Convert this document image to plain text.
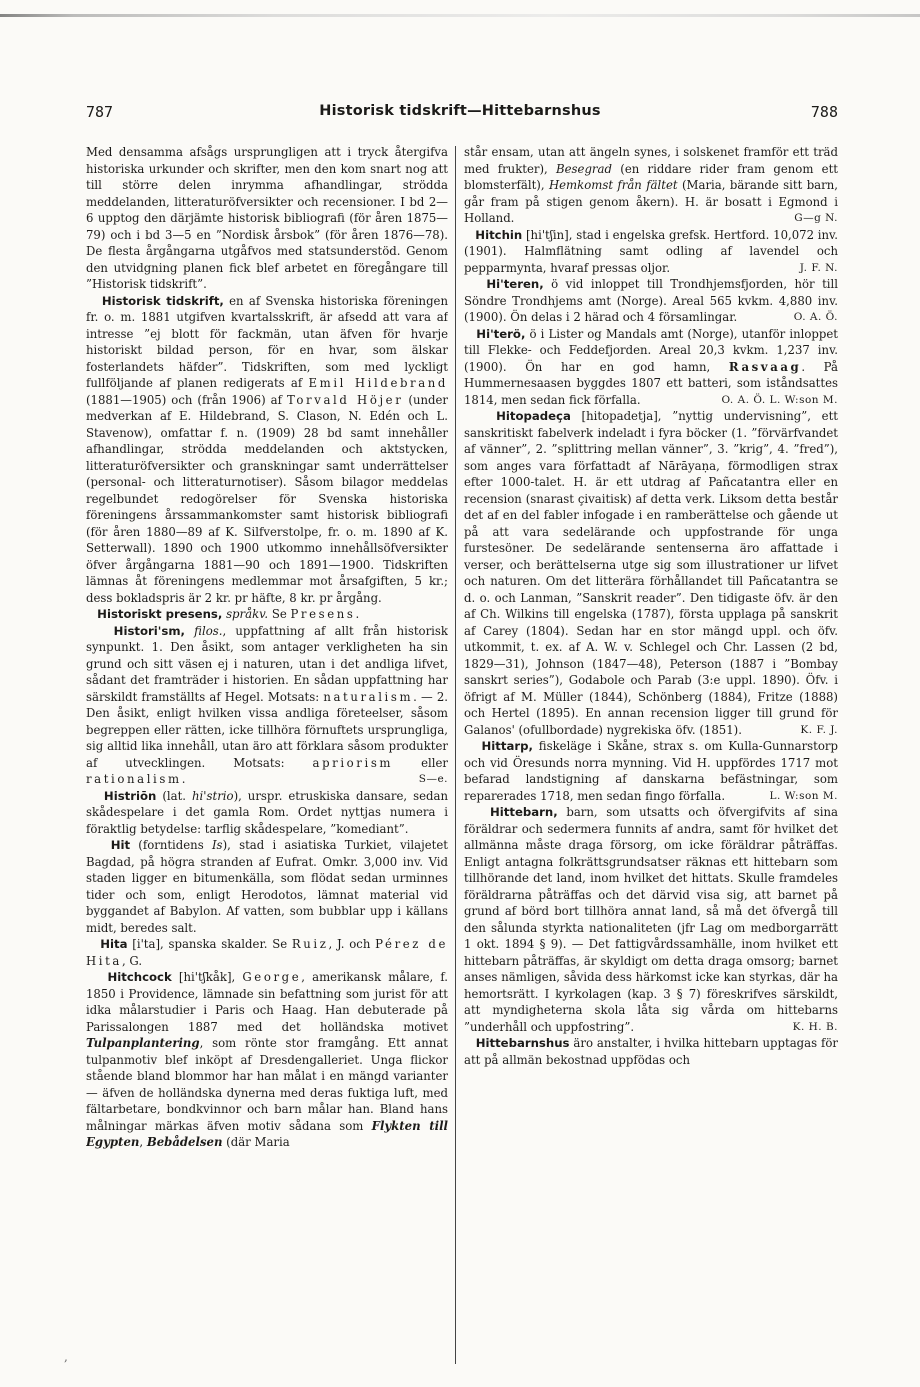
787	Historisk tidskrift—Hittebarnshus	788

Med densamma afsågs ursprungligen att i tryck återgifva historiska urkunder och skrifter, men den kom snart nog att till större delen inrymma afhandlingar, strödda meddelanden, litteraturöfversikter och recensioner. I bd 2—6 upptog den därjämte historisk bibliografi (för åren 1875—79) och i bd 3—5 en ”Nordisk årsbok” (för åren 1876—78). De flesta årgångarna utgåfvos med statsunderstöd. Genom den utvidgning planen fick blef arbetet en föregångare till ”Historisk tidskrift”.

Historisk tidskrift, en af Svenska historiska föreningen fr. o. m. 1881 utgifven kvartalsskrift, är afsedd att vara af intresse ”ej blott för fackmän, utan äfven för hvarje historiskt bildad person, för en hvar, som älskar fosterlandets häfder”. Tidskriften, som med lyckligt fullföljande af planen redigerats af Emil Hildebrand (1881—1905) och (från 1906) af Torvald Höjer (under medverkan af E. Hildebrand, S. Clason, N. Edén och L. Stavenow), omfattar f. n. (1909) 28 bd samt innehåller afhandlingar, strödda meddelanden och aktstycken, litteraturöfversikter och granskningar samt underrättelser (personal- och litteraturnotiser). Såsom bilagor meddelas regelbundet redogörelser för Svenska historiska föreningens årssammankomster samt historisk bibliografi (för åren 1880—89 af K. Silfverstolpe, fr. o. m. 1890 af K. Setterwall). 1890 och 1900 utkommo innehållsöfversikter öfver årgångarna 1881—90 och 1891—1900. Tidskriften lämnas åt föreningens medlemmar mot årsafgiften, 5 kr.; dess bokladspris är 2 kr. pr häfte, 8 kr. pr årgång.

Historiskt presens, språkv. Se Presens.

Histori'sm, filos., uppfattning af allt från historisk synpunkt. 1. Den åsikt, som antager verkligheten ha sin grund och sitt väsen ej i naturen, utan i det andliga lifvet, sådant det framträder i historien. En sådan uppfattning har särskildt framställts af Hegel. Motsats: naturalism. — 2. Den åsikt, enligt hvilken vissa andliga företeelser, såsom begreppen eller rätten, icke tillhöra förnuftets ursprungliga, sig alltid lika innehåll, utan äro att förklara såsom produkter af utvecklingen. Motsats: apriorism eller rationalism.	S—e.

Histriōn (lat. hi'strio), urspr. etruskiska dansare, sedan skådespelare i det gamla Rom. Ordet nyttjas numera i föraktlig betydelse: tarflig skådespelare, ”komediant”.

Hit (forntidens Is), stad i asiatiska Turkiet, vilajetet Bagdad, på högra stranden af Eufrat. Omkr. 3,000 inv. Vid staden ligger en bitumenkälla, som flödat sedan urminnes tider och som, enligt Herodotos, lämnat material vid byggandet af Babylon. Af vatten, som bubblar upp i källans midt, beredes salt.

Hita [i'ta], spanska skalder. Se Ruiz, J. och Pérez de Hita, G.

Hitchcock [hi'tʃkåk], George, amerikansk målare, f. 1850 i Providence, lämnade sin befattning som jurist för att idka målarstudier i Paris och Haag. Han debuterade på Parissalongen 1887 med det holländska motivet Tulpanplantering, som rönte stor framgång. Ett annat tulpanmotiv blef inköpt af Dresdengalleriet. Unga flickor stående bland blommor har han målat i en mängd varianter — äfven de holländska dynerna med deras fuktiga luft, med fältarbetare, bondkvinnor och barn målar han. Bland hans målningar märkas äfven motiv sådana som Flykten till Egypten, Bebådelsen (där Maria

står ensam, utan att ängeln synes, i solskenet framför ett träd med frukter), Besegrad (en riddare rider fram genom ett blomsterfält), Hemkomst från fältet (Maria, bärande sitt barn, går fram på stigen genom åkern). H. är bosatt i Egmond i Holland.	G—g N.

Hitchin [hi'tʃin], stad i engelska grefsk. Hertford. 10,072 inv. (1901). Halmflätning samt odling af lavendel och pepparmynta, hvaraf pressas oljor.	J. F. N.

Hi'teren, ö vid inloppet till Trondhjemsfjorden, hör till Söndre Trondhjems amt (Norge). Areal 565 kvkm. 4,880 inv. (1900). Ön delas i 2 härad och 4 församlingar.	O. A. Ö.

Hi'terö, ö i Lister og Mandals amt (Norge), utanför inloppet till Flekke- och Feddefjorden. Areal 20,3 kvkm. 1,237 inv. (1900). Ön har en god hamn, Rasvaag. På Hummernesaasen byggdes 1807 ett batteri, som iståndsattes 1814, men sedan fick förfalla.	O. A. Ö. L. W:son M.

Hitopadeça [hitopadetja], ”nyttig undervisning”, ett sanskritiskt fabelverk indeladt i fyra böcker (1. ”förvärfvandet af vänner”, 2. ”splittring mellan vänner”, 3. ”krig”, 4. ”fred”), som anges vara författadt af Nārāyaṇa, förmodligen strax efter 1000-talet. H. är ett utdrag af Pañcatantra eller en recension (snarast çivaitisk) af detta verk. Liksom detta består det af en del fabler infogade i en ramberättelse och gående ut på att vara sedelärande och uppfostrande för unga furstesöner. De sedelärande sentenserna äro affattade i verser, och berättelserna utge sig som illustrationer ur lifvet och naturen. Om det litterära förhållandet till Pañcatantra se d. o. och Lanman, ”Sanskrit reader”. Den tidigaste öfv. är den af Ch. Wilkins till engelska (1787), första upplaga på sanskrit af Carey (1804). Sedan har en stor mängd uppl. och öfv. utkommit, t. ex. af A. W. v. Schlegel och Chr. Lassen (2 bd, 1829—31), Johnson (1847—48), Peterson (1887 i ”Bombay sanskrt series”), Godabole och Parab (3:e uppl. 1890). Öfv. i öfrigt af M. Müller (1844), Schönberg (1884), Fritze (1888) och Hertel (1895). En annan recension ligger till grund för Galanos' (ofullbordade) nygrekiska öfv. (1851).	K. F. J.

Hittarp, fiskeläge i Skåne, strax s. om Kulla-Gunnarstorp och vid Öresunds norra mynning. Vid H. uppfördes 1717 mot befarad landstigning af danskarna befästningar, som reparerades 1718, men sedan fingo förfalla.	L. W:son M.

Hittebarn, barn, som utsatts och öfvergifvits af sina föräldrar och sedermera funnits af andra, samt för hvilket det allmänna måste draga försorg, om icke föräldrar påträffas. Enligt antagna folkrättsgrundsatser räknas ett hittebarn som tillhörande det land, inom hvilket det hittats. Skulle framdeles föräldrarna påträffas och det därvid visa sig, att barnet på grund af börd bort tillhöra annat land, så må det öfvergå till den sålunda styrkta nationaliteten (jfr Lag om medborgarrätt 1 okt. 1894 § 9). — Det fattigvårdssamhälle, inom hvilket ett hittebarn påträffas, är skyldigt om detta draga omsorg; barnet anses nämligen, såvida dess härkomst icke kan styrkas, där ha hemortsrätt. I kyrkolagen (kap. 3 § 7) föreskrifves särskildt, att myndigheterna skola låta sig vårda om hittebarns ”underhåll och uppfostring”.	K. H. B.

Hittebarnshus äro anstalter, i hvilka hittebarn upptagas för att på allmän bekostnad uppfödas och

,
